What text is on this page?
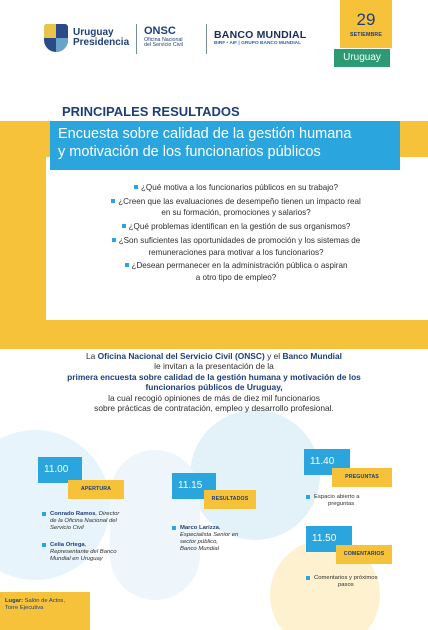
Uruguay
Presidencia
ONSC
Oficina Nacional
del Servicio Civil
BANCO MUNDIAL
BIRF • AIF | GRUPO BANCO MUNDIAL
29
SETIEMBRE
Uruguay
PRINCIPALES RESULTADOS
Encuesta sobre calidad de la gestión humana
y motivación de los funcionarios públicos
¿Qué motiva a los funcionarios públicos en su trabajo?
¿Creen que las evaluaciones de desempeño tienen un impacto real
en su formación, promociones y salarios?
¿Qué problemas identifican en la gestión de sus organismos?
¿Son suficientes las oportunidades de promoción y los sistemas de
remuneraciones para motivar a los funcionarios?
¿Desean permanecer en la administración pública o aspiran
a otro tipo de empleo?
La Oficina Nacional del Servicio Civil (ONSC) y el Banco Mundial
le invitan a la presentación de la
primera encuesta sobre calidad de la gestión humana y motivación de los
funcionarios públicos de Uruguay,
la cual recogió opiniones de más de diez mil funcionarios
sobre prácticas de contratación, empleo y desarrollo profesional.
11.00
APERTURA
Conrado Ramos, Director
de la Oficina Nacional del
Servicio Civil
Celia Ortega,
Representante del Banco
Mundial en Uruguay
11.15
RESULTADOS
Marco Larizza,
Especialista Senior en
sector público,
Banco Mundial
11.40
PREGUNTAS
Espacio abierto a
preguntas
11.50
COMENTARIOS
Comentarios y próximos
pasos
Lugar: Salón de Actos,
Torre Ejecutiva
